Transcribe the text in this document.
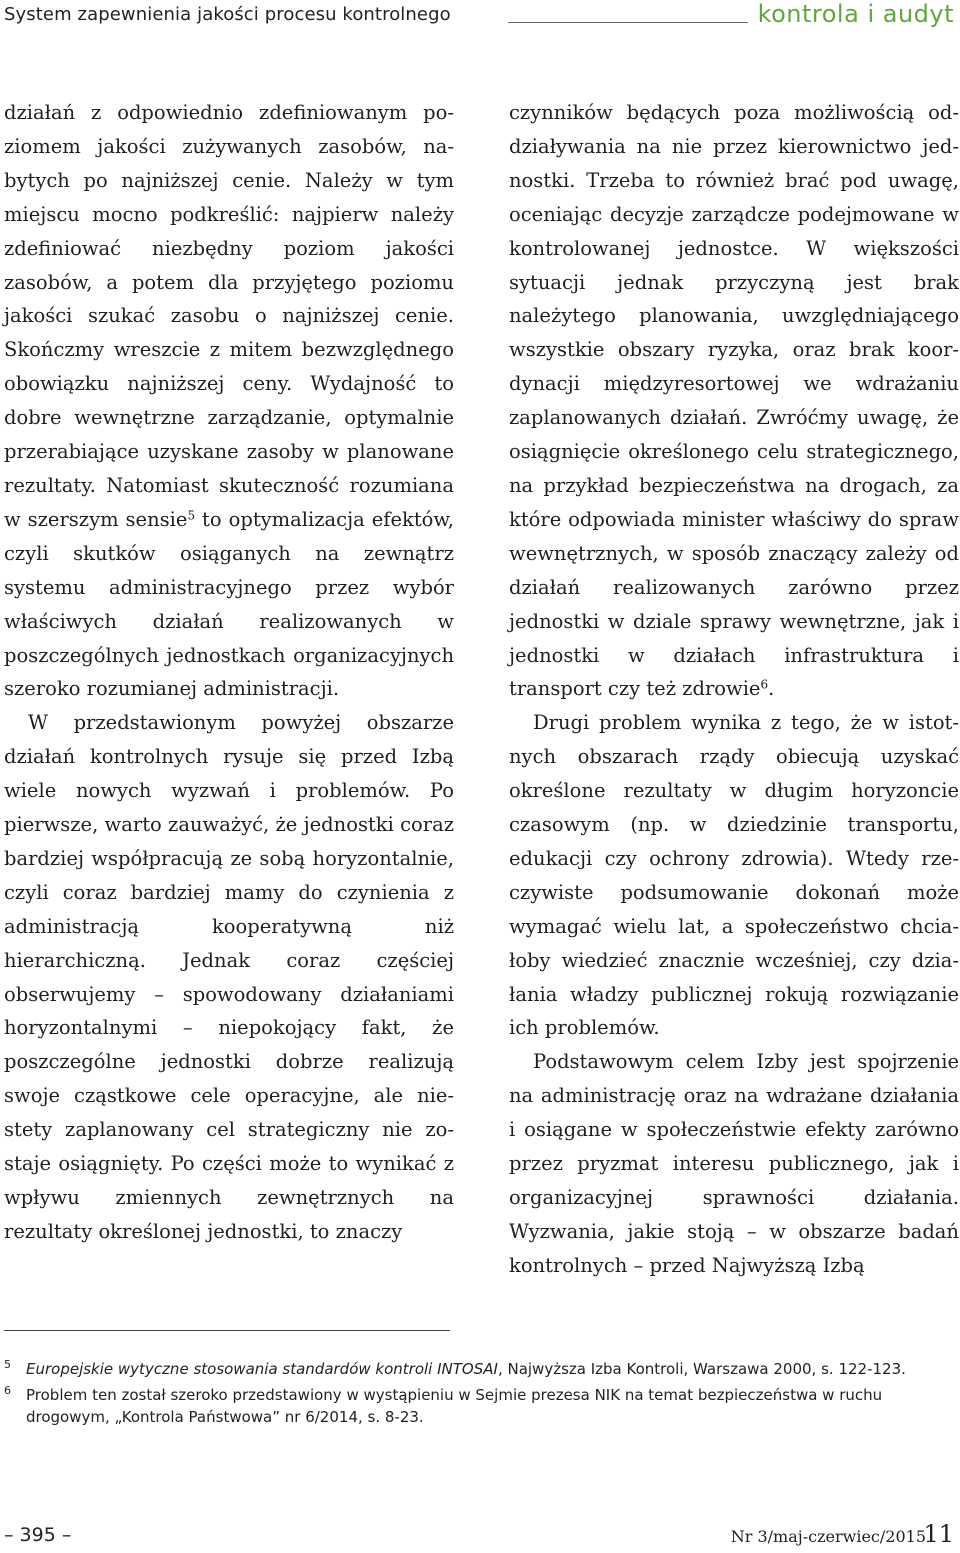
System zapewnienia jakości procesu kontrolnego	kontrola i audyt

działań z odpowiednio zdefiniowanym poziomem jakości zużywanych zasobów, nabytych po najniższej cenie. Należy w tym miejscu mocno podkreślić: najpierw należy zdefiniować niezbędny poziom jakości zasobów, a potem dla przyjętego poziomu jakości szukać zasobu o najniższej cenie. Skończmy wreszcie z mitem bezwzględnego obowiązku najniższej ceny. Wydajność to dobre wewnętrzne zarządzanie, optymalnie przerabiające uzyskane zasoby w planowane rezultaty. Natomiast skuteczność rozumiana w szerszym sensie$^5$ to optymalizacja efektów, czyli skutków osiąganych na zewnątrz systemu administracyjnego przez wybór właściwych działań realizowanych w poszczególnych jednostkach organizacyjnych szeroko rozumianej administracji.

W przedstawionym powyżej obszarze działań kontrolnych rysuje się przed Izbą wiele nowych wyzwań i problemów. Po pierwsze, warto zauważyć, że jednostki coraz bardziej współpracują ze sobą horyzontalnie, czyli coraz bardziej mamy do czynienia z administracją kooperatywną niż hierarchiczną. Jednak coraz częściej obserwujemy – spowodowany działaniami horyzontalnymi – niepokojący fakt, że poszczególne jednostki dobrze realizują swoje cząstkowe cele operacyjne, ale niestety zaplanowany cel strategiczny nie zostaje osiągnięty. Po części może to wynikać z wpływu zmiennych zewnętrznych na rezultaty określonej jednostki, to znaczy

czynników będących poza możliwością oddziaływania na nie przez kierownictwo jednostki. Trzeba to również brać pod uwagę, oceniając decyzje zarządcze podejmowane w kontrolowanej jednostce. W większości sytuacji jednak przyczyną jest brak należytego planowania, uwzględniającego wszystkie obszary ryzyka, oraz brak koordynacji międzyresortowej we wdrażaniu zaplanowanych działań. Zwróćmy uwagę, że osiągnięcie określonego celu strategicznego, na przykład bezpieczeństwa na drogach, za które odpowiada minister właściwy do spraw wewnętrznych, w sposób znaczący zależy od działań realizowanych zarówno przez jednostki w dziale sprawy wewnętrzne, jak i jednostki w działach infrastruktura i transport czy też zdrowie$^6$.

Drugi problem wynika z tego, że w istotnych obszarach rządy obiecują uzyskać określone rezultaty w długim horyzoncie czasowym (np. w dziedzinie transportu, edukacji czy ochrony zdrowia). Wtedy rzeczywiste podsumowanie dokonań może wymagać wielu lat, a społeczeństwo chciałoby wiedzieć znacznie wcześniej, czy działania władzy publicznej rokują rozwiązanie ich problemów.

Podstawowym celem Izby jest spojrzenie na administrację oraz na wdrażane działania i osiągane w społeczeństwie efekty zarówno przez pryzmat interesu publicznego, jak i organizacyjnej sprawności działania. Wyzwania, jakie stoją – w obszarze badań kontrolnych – przed Najwyższą Izbą

5 Europejskie wytyczne stosowania standardów kontroli INTOSAI, Najwyższa Izba Kontroli, Warszawa 2000, s. 122-123.
6 Problem ten został szeroko przedstawiony w wystąpieniu w Sejmie prezesa NIK na temat bezpieczeństwa w ruchu drogowym, „Kontrola Państwowa” nr 6/2014, s. 8-23.
– 395 –	Nr 3/maj-czerwiec/2015
11
